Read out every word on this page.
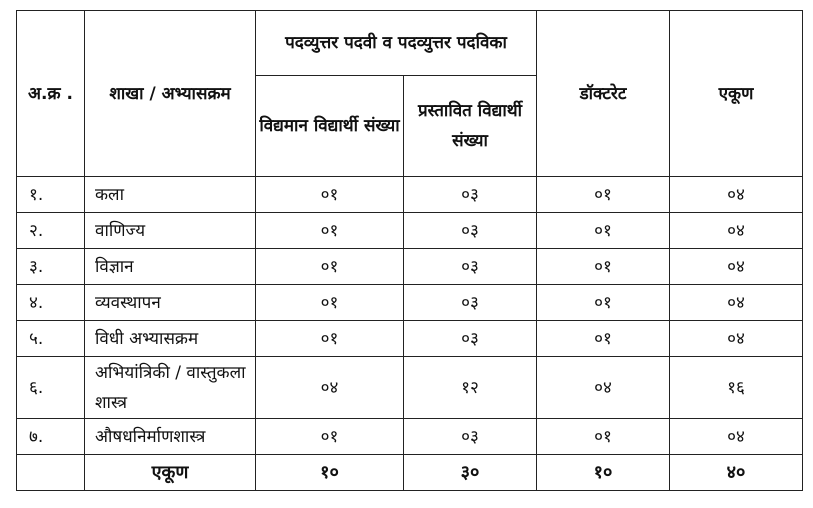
अ.क्र .	शाखा / अभ्यासक्रम	पदव्युत्तर पदवी व पदव्युत्तर पदविका		डॉक्टरेट	एकूण
		विद्यमान विद्यार्थी संख्या	प्रस्तावित विद्यार्थी संख्या		
१.	कला	०१	०३	०१	०४
२.	वाणिज्य	०१	०३	०१	०४
३.	विज्ञान	०१	०३	०१	०४
४.	व्यवस्थापन	०१	०३	०१	०४
५.	विधी अभ्यासक्रम	०१	०३	०१	०४
६.	अभियांत्रिकी / वास्तुकला शास्त्र	०४	१२	०४	१६
७.	औषधनिर्माणशास्त्र	०१	०३	०१	०४
	एकूण	१०	३०	१०	४०
